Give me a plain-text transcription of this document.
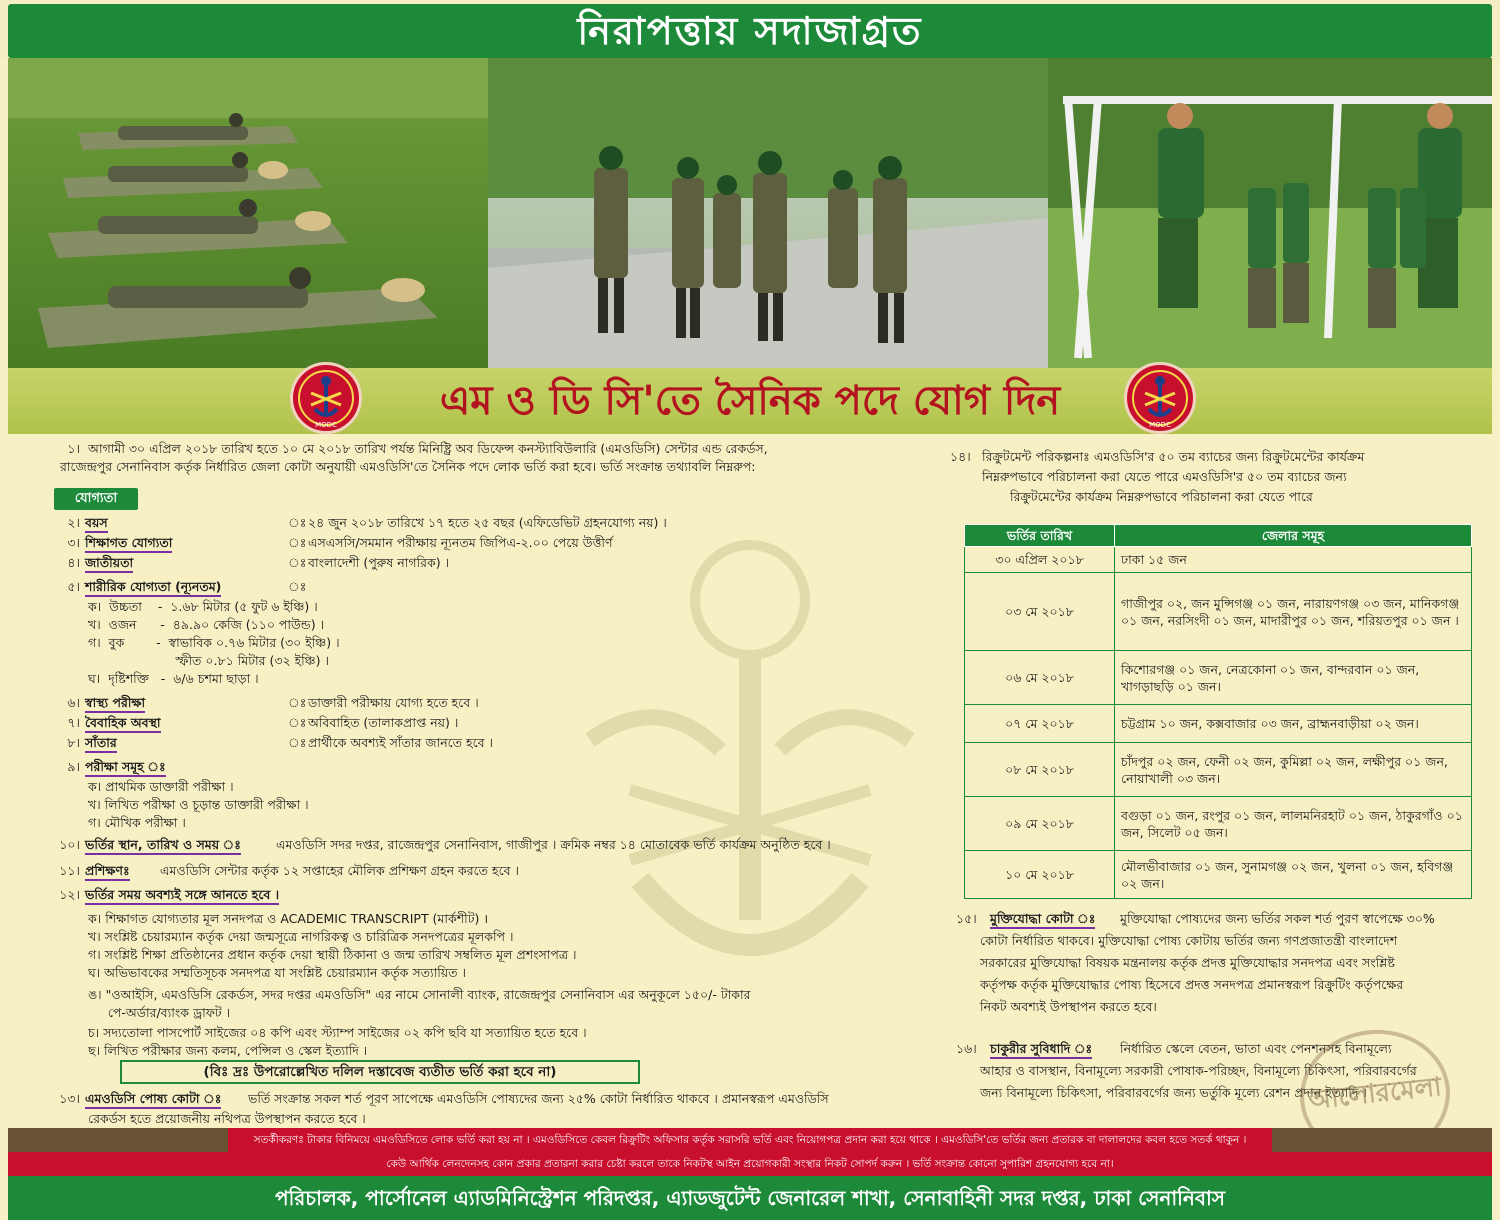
নিরাপত্তায় সদাজাগ্রত
এম ও ডি সি'তে সৈনিক পদে যোগ দিন
MODC	MODC
১। আগামী ৩০ এপ্রিল ২০১৮ তারিখ হতে ১০ মে ২০১৮ তারিখ পর্যন্ত মিনিষ্ট্রি অব ডিফেন্স কনস্ট্যাবিউলারি (এমওডিসি) সেন্টার এন্ড রেকর্ডস,
রাজেন্দ্রপুর সেনানিবাস কর্তৃক নির্ধারিত জেলা কোটা অনুযায়ী এমওডিসি'তে সৈনিক পদে লোক ভর্তি করা হবে। ভর্তি সংক্রান্ত তথ্যাবলি নিম্নরুপ:
যোগ্যতা
২। বয়স	ঃ ২৪ জুন ২০১৮ তারিখে ১৭ হতে ২৫ বছর (এফিডেভিট গ্রহনযোগ্য নয়) ।
৩। শিক্ষাগত যোগ্যতা	ঃ এসএসসি/সমমান পরীক্ষায় ন্যূনতম জিপিএ-২.০০ পেয়ে উত্তীর্ণ
৪। জাতীয়তা	ঃ বাংলাদেশী (পুরুষ নাগরিক) ।
৫। শারীরিক যোগ্যতা (ন্যূনতম)	ঃ
ক।  উচ্চতা    -  ১.৬৮ মিটার (৫ ফুট ৬ ইঞ্চি) ।
খ।  ওজন      -  ৪৯.৯০ কেজি (১১০ পাউন্ড) ।
গ।  বুক        -  স্বাভাবিক ০.৭৬ মিটার (৩০ ইঞ্চি) ।
স্ফীত ০.৮১ মিটার (৩২ ইঞ্চি) ।
ঘ।  দৃষ্টিশক্তি   -  ৬/৬ চশমা ছাড়া ।
৬। স্বাস্থ্য পরীক্ষা	ঃ ডাক্তারী পরীক্ষায় যোগ্য হতে হবে ।
৭। বৈবাহিক অবস্থা	ঃ অবিবাহিত (তালাকপ্রাপ্ত নয়) ।
৮। সাঁতার	ঃ প্রার্থীকে অবশ্যই সাঁতার জানতে হবে ।
৯। পরীক্ষা সমূহ ঃ
ক। প্রাথমিক ডাক্তারী পরীক্ষা ।
খ। লিখিত পরীক্ষা ও চূড়ান্ত ডাক্তারী পরীক্ষা ।
গ। মৌখিক পরীক্ষা ।
১০। ভর্তির স্থান, তারিখ ও সময় ঃ	এমওডিসি সদর দপ্তর, রাজেন্দ্রপুর সেনানিবাস, গাজীপুর । ক্রমিক নম্বর ১৪ মোতাবেক ভর্তি কার্যক্রম অনুষ্ঠিত হবে ।
১১। প্রশিক্ষণঃ এমওডিসি সেন্টার কর্তৃক ১২ সপ্তাহের মৌলিক প্রশিক্ষণ গ্রহন করতে হবে ।
১২। ভর্তির সময় অবশ্যই সঙ্গে আনতে হবে ।
ক। শিক্ষাগত যোগ্যতার মূল সনদপত্র ও ACADEMIC TRANSCRIPT (মার্কশীট) ।
খ। সংশ্লিষ্ট চেয়ারম্যান কর্তৃক দেয়া জন্মসূত্রে নাগরিকত্ব ও চারিত্রিক সনদপত্রের মূলকপি ।
গ। সংশ্লিষ্ট শিক্ষা প্রতিষ্ঠানের প্রধান কর্তৃক দেয়া স্থায়ী ঠিকানা ও জন্ম তারিখ সম্বলিত মূল প্রশংসাপত্র ।
ঘ। অভিভাবকের সম্মতিসূচক সনদপত্র যা সংশ্লিষ্ট চেয়ারম্যান কর্তৃক সত্যায়িত ।
ঙ। "ওআইসি, এমওডিসি রেকর্ডস, সদর দপ্তর এমওডিসি" এর নামে সোনালী ব্যাংক, রাজেন্দ্রপুর সেনানিবাস এর অনুকূলে ১৫০/- টাকার
পে-অর্ডার/ব্যাংক ড্রাফট ।
চ। সদ্যতোলা পাসপোর্ট সাইজের ০৪ কপি এবং স্ট্যাম্প সাইজের ০২ কপি ছবি যা সত্যায়িত হতে হবে ।
ছ। লিখিত পরীক্ষার জন্য কলম, পেন্সিল ও স্কেল ইত্যাদি ।
(বিঃ দ্রঃ উপরোল্লেখিত দলিল দস্তাবেজ ব্যতীত ভর্তি করা হবে না)
১৩। এমওডিসি পোষ্য কোটা ঃ ভর্তি সংক্রান্ত সকল শর্ত পূরণ সাপেক্ষে এমওডিসি পোষ্যদের জন্য ২৫% কোটা নির্ধারিত থাকবে । প্রমানস্বরূপ এমওডিসি
রেকর্ডস হতে প্রয়োজনীয় নথিপত্র উপস্থাপন করতে হবে ।
১৪। রিক্রুটমেন্ট পরিকল্পনাঃ এমওডিসি'র ৫০ তম ব্যাচের জন্য রিক্রুটমেন্টের কার্যক্রম
নিম্নরুপভাবে পরিচালনা করা যেতে পারে এমওডিসি'র ৫০ তম ব্যাচের জন্য
রিক্রুটমেন্টের কার্যক্রম নিম্নরুপভাবে পরিচালনা করা যেতে পারে
ভর্তির তারিখ	জেলার সমূহ
৩০ এপ্রিল ২০১৮	ঢাকা ১৫ জন
০৩ মে ২০১৮	গাজীপুর ০২, জন মুন্সিগঞ্জ ০১ জন, নারায়ণগঞ্জ ০৩ জন, মানিকগঞ্জ ০১ জন, নরসিংদী ০১ জন, মাদারীপুর ০১ জন, শরিয়তপুর ০১ জন ।
০৬ মে ২০১৮	কিশোরগঞ্জ ০১ জন, নেত্রকোনা ০১ জন, বান্দরবান ০১ জন, খাগড়াছড়ি ০১ জন।
০৭ মে ২০১৮	চট্টগ্রাম ১০ জন, কক্সবাজার ০৩ জন, ব্রাহ্মনবাড়ীয়া ০২ জন।
০৮ মে ২০১৮	চাঁদপুর ০২ জন, ফেনী ০২ জন, কুমিল্লা ০২ জন, লক্ষীপুর ০১ জন, নোয়াখালী ০৩ জন।
০৯ মে ২০১৮	বগুড়া ০১ জন, রংপুর ০১ জন, লালমনিরহাট ০১ জন, ঠাকুরগাঁও ০১ জন, সিলেট ০৫ জন।
১০ মে ২০১৮	মৌলভীবাজার ০১ জন, সুনামগঞ্জ ০২ জন, খুলনা ০১ জন, হবিগঞ্জ ০২ জন।
১৫। মুক্তিযোদ্ধা কোটা ঃ মুক্তিযোদ্ধা পোষ্যদের জন্য ভর্তির সকল শর্ত পুরণ স্বাপেক্ষে ৩০%
কোটা নির্ধারিত থাকবে। মুক্তিযোদ্ধা পোষ্য কোটায় ভর্তির জন্য গণপ্রজাতন্ত্রী বাংলাদেশ
সরকারের মুক্তিযোদ্ধা বিষয়ক মন্ত্রনালয় কর্তৃক প্রদত্ত মুক্তিযোদ্ধার সনদপত্র এবং সংশ্লিষ্ট
কর্তৃপক্ষ কর্তৃক মুক্তিযোদ্ধার পোষ্য হিসেবে প্রদত্ত সনদপত্র প্রমানস্বরূপ রিক্রুটিং কর্তৃপক্ষের
নিকট অবশ্যই উপস্থাপন করতে হবে।
১৬। চাকুরীর সুবিধাদি ঃ নির্ধারিত স্কেলে বেতন, ভাতা এবং পেনশনসহ বিনামূল্যে
আহার ও বাসস্থান, বিনামূল্যে সরকারী পোষাক-পরিচ্ছদ, বিনামূল্যে চিকিৎসা, পরিবারবর্গের
জন্য বিনামূল্যে চিকিৎসা, পরিবারবর্গের জন্য ভর্তুকি মূল্যে রেশন প্রদান ইত্যাদি ।
আলোরমেলা
সতর্কীকরণঃ টাকার বিনিময়ে এমওডিসিতে লোক ভর্তি করা হয় না । এমওডিসিতে কেবল রিক্রুটিং অফিসার কর্তৃক সরাসরি ভর্তি এবং নিয়োগপত্র প্রদান করা হয়ে থাকে । এমওডিসি'তে ভর্তির জন্য প্রতারক বা দালালদের কবল হতে সতর্ক থাকুন ।
কেউ আর্থিক লেনদেনসহ কোন প্রকার প্রতারনা করার চেষ্টা করলে তাকে নিকটস্থ আইন প্রয়োগকারী সংস্থার নিকট সোপর্দ করুন । ভর্তি সংক্রান্ত কোনো সুপারিশ গ্রহনযোগ্য হবে না।
পরিচালক, পার্সোনেল এ্যাডমিনিস্ট্রেশন পরিদপ্তর, এ্যাডজুটেন্ট জেনারেল শাখা, সেনাবাহিনী সদর দপ্তর, ঢাকা সেনানিবাস
